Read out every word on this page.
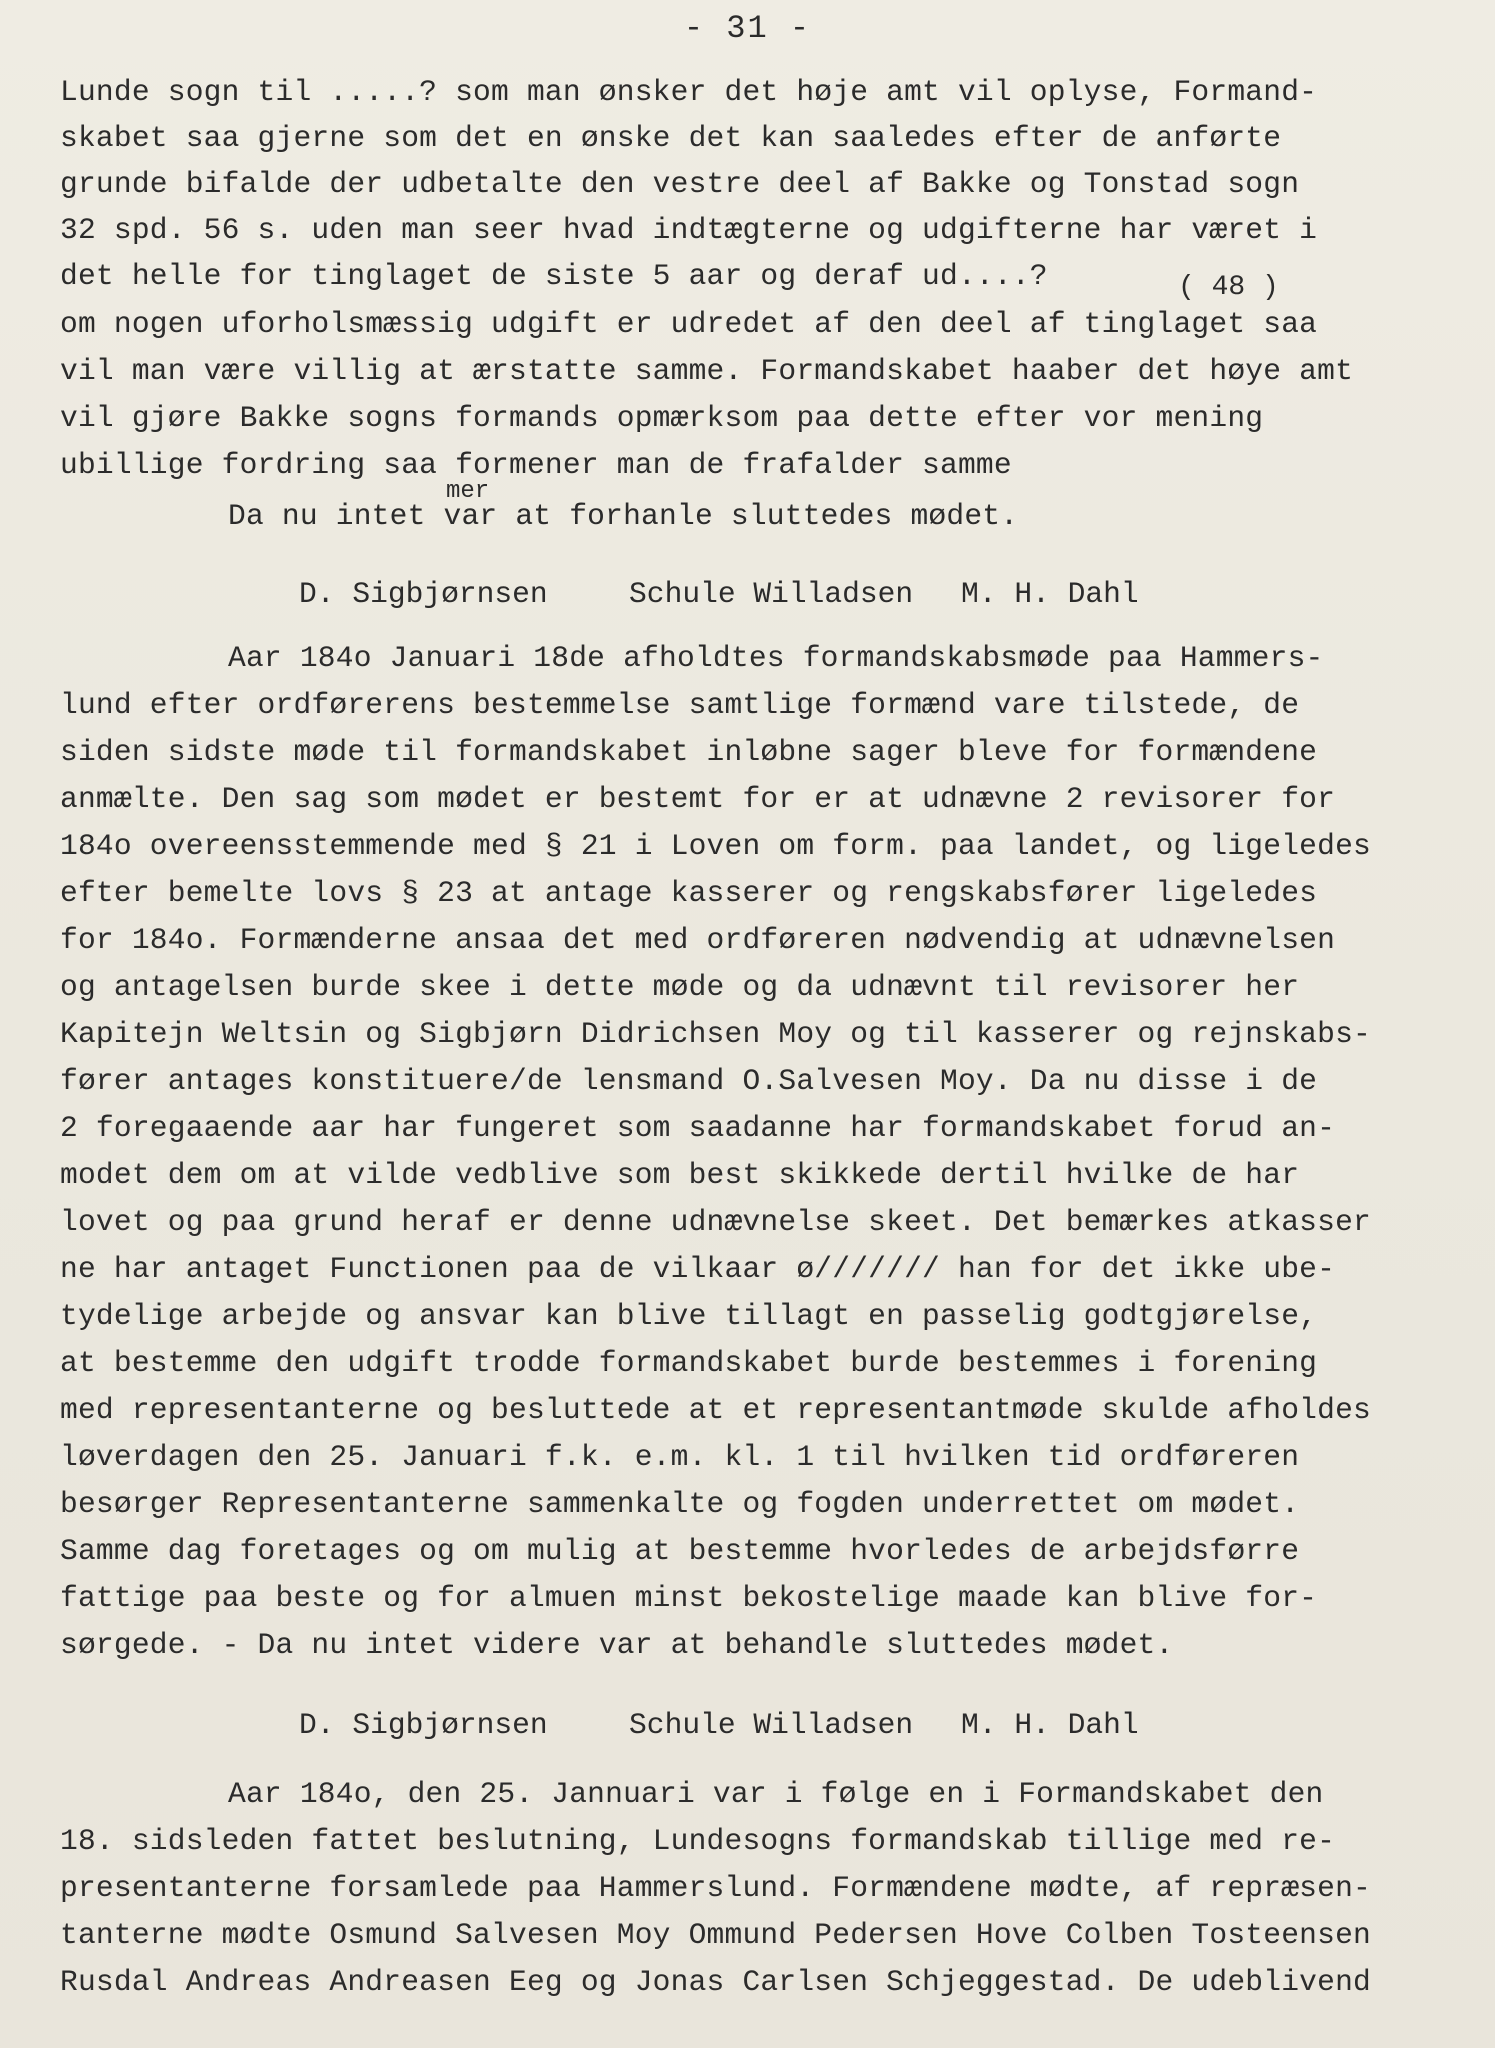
- 31 -
Lunde sogn til .....? som man ønsker det høje amt vil oplyse, Formand-
skabet saa gjerne som det en ønske det kan saaledes efter de anførte
grunde bifalde der udbetalte den vestre deel af Bakke og Tonstad sogn
32 spd. 56 s. uden man seer hvad indtægterne og udgifterne har været i
det helle for tinglaget de siste 5 aar og deraf ud....?	( 48 )
om nogen uforholsmæssig udgift er udredet af den deel af tinglaget saa
vil man være villig at ærstatte samme. Formandskabet haaber det høye amt
vil gjøre Bakke sogns formands opmærksom paa dette efter vor mening
ubillige fordring saa formener man de frafalder samme
mer
Da nu intet var at forhanle sluttedes mødet.

D. Sigbjørnsen	Schule Willadsen M. H. Dahl

Aar 184o Januari 18de afholdtes formandskabsmøde paa Hammers-
lund efter ordførerens bestemmelse samtlige formænd vare tilstede, de
siden sidste møde til formandskabet inløbne sager bleve for formændene
anmælte. Den sag som mødet er bestemt for er at udnævne 2 revisorer for
184o overeensstemmende med § 21 i Loven om form. paa landet, og ligeledes
efter bemelte lovs § 23 at antage kasserer og rengskabsfører ligeledes
for 184o. Formænderne ansaa det med ordføreren nødvendig at udnævnelsen
og antagelsen burde skee i dette møde og da udnævnt til revisorer her
Kapitejn Weltsin og Sigbjørn Didrichsen Moy og til kasserer og rejnskabs-
fører antages konstituere/de lensmand O.Salvesen Moy. Da nu disse i de
2 foregaaende aar har fungeret som saadanne har formandskabet forud an-
modet dem om at vilde vedblive som best skikkede dertil hvilke de har
lovet og paa grund heraf er denne udnævnelse skeet. Det bemærkes atkasser
ne har antaget Functionen paa de vilkaar ø/////// han for det ikke ube-
tydelige arbejde og ansvar kan blive tillagt en passelig godtgjørelse,
at bestemme den udgift trodde formandskabet burde bestemmes i forening
med representanterne og besluttede at et representantmøde skulde afholdes
løverdagen den 25. Januari f.k. e.m. kl. 1 til hvilken tid ordføreren
besørger Representanterne sammenkalte og fogden underrettet om mødet.
Samme dag foretages og om mulig at bestemme hvorledes de arbejdsførre
fattige paa beste og for almuen minst bekostelige maade kan blive for-
sørgede. - Da nu intet videre var at behandle sluttedes mødet.

D. Sigbjørnsen	Schule Willadsen M. H. Dahl

Aar 184o, den 25. Jannuari var i følge en i Formandskabet den
18. sidsleden fattet beslutning, Lundesogns formandskab tillige med re-
presentanterne forsamlede paa Hammerslund. Formændene mødte, af repræsen-
tanterne mødte Osmund Salvesen Moy Ommund Pedersen Hove Colben Tosteensen
Rusdal Andreas Andreasen Eeg og Jonas Carlsen Schjeggestad. De udeblivend
